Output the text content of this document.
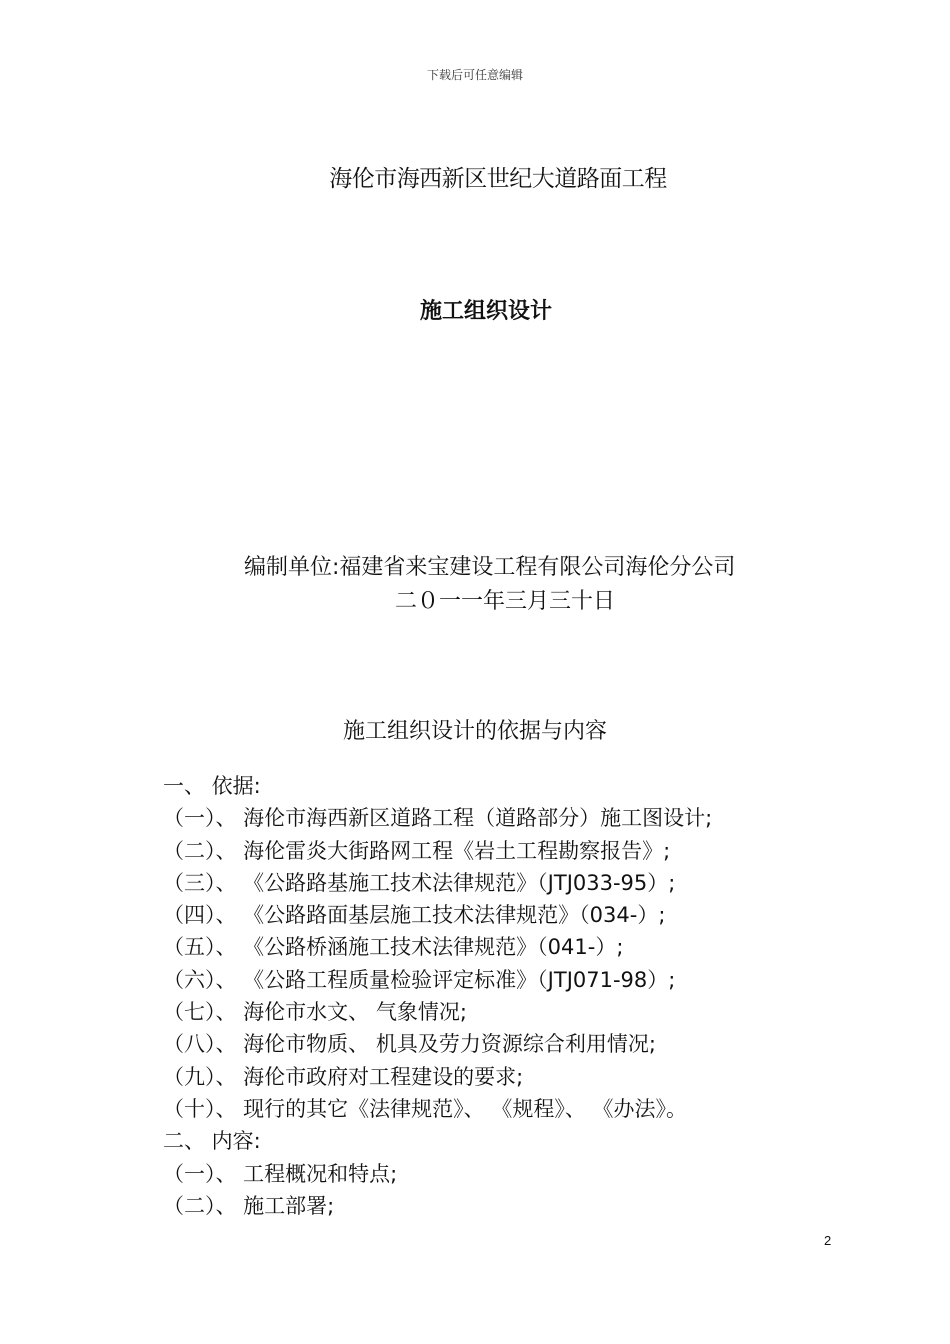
下载后可任意编辑
海伦市海西新区世纪大道路面工程
施工组织设计
编制单位:福建省来宝建设工程有限公司海伦分公司
二０一一年三月三十日
施工组织设计的依据与内容
一、 依据:
（一）、 海伦市海西新区道路工程（道路部分）施工图设计;
（二）、 海伦雷炎大街路网工程《岩土工程勘察报告》;
（三）、 《公路路基施工技术法律规范》（JTJ033-95）;
（四）、 《公路路面基层施工技术法律规范》（034-）;
（五）、 《公路桥涵施工技术法律规范》（041-）;
（六）、 《公路工程质量检验评定标准》（JTJ071-98）;
（七）、 海伦市水文、 气象情况;
（八）、 海伦市物质、 机具及劳力资源综合利用情况;
（九）、 海伦市政府对工程建设的要求;
（十）、 现行的其它《法律规范》、 《规程》、 《办法》。
二、 内容:
（一）、 工程概况和特点;
（二）、 施工部署;
2
